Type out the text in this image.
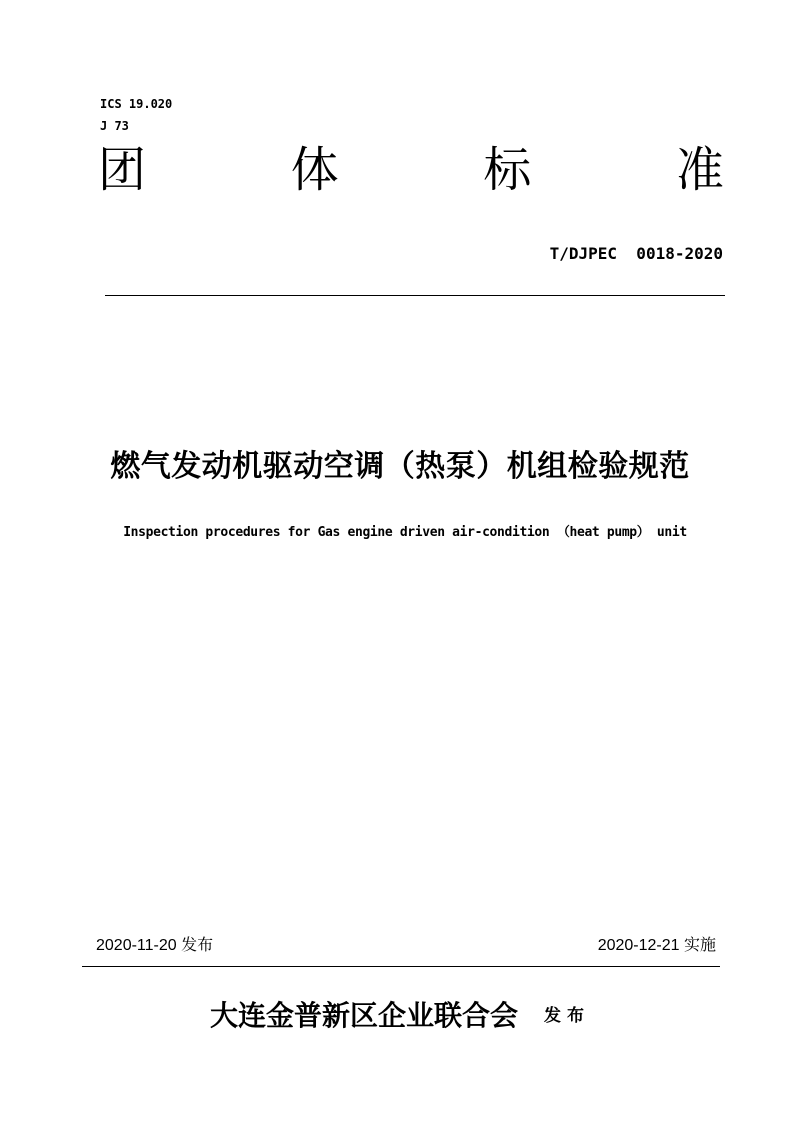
ICS 19.020
J 73
团	体	标	准
T/DJPEC  0018-2020
燃气发动机驱动空调（热泵）机组检验规范
Inspection procedures for Gas engine driven air-condition （heat pump） unit
2020-11-20 发布	2020-12-21 实施
大连金普新区企业联合会 发布
